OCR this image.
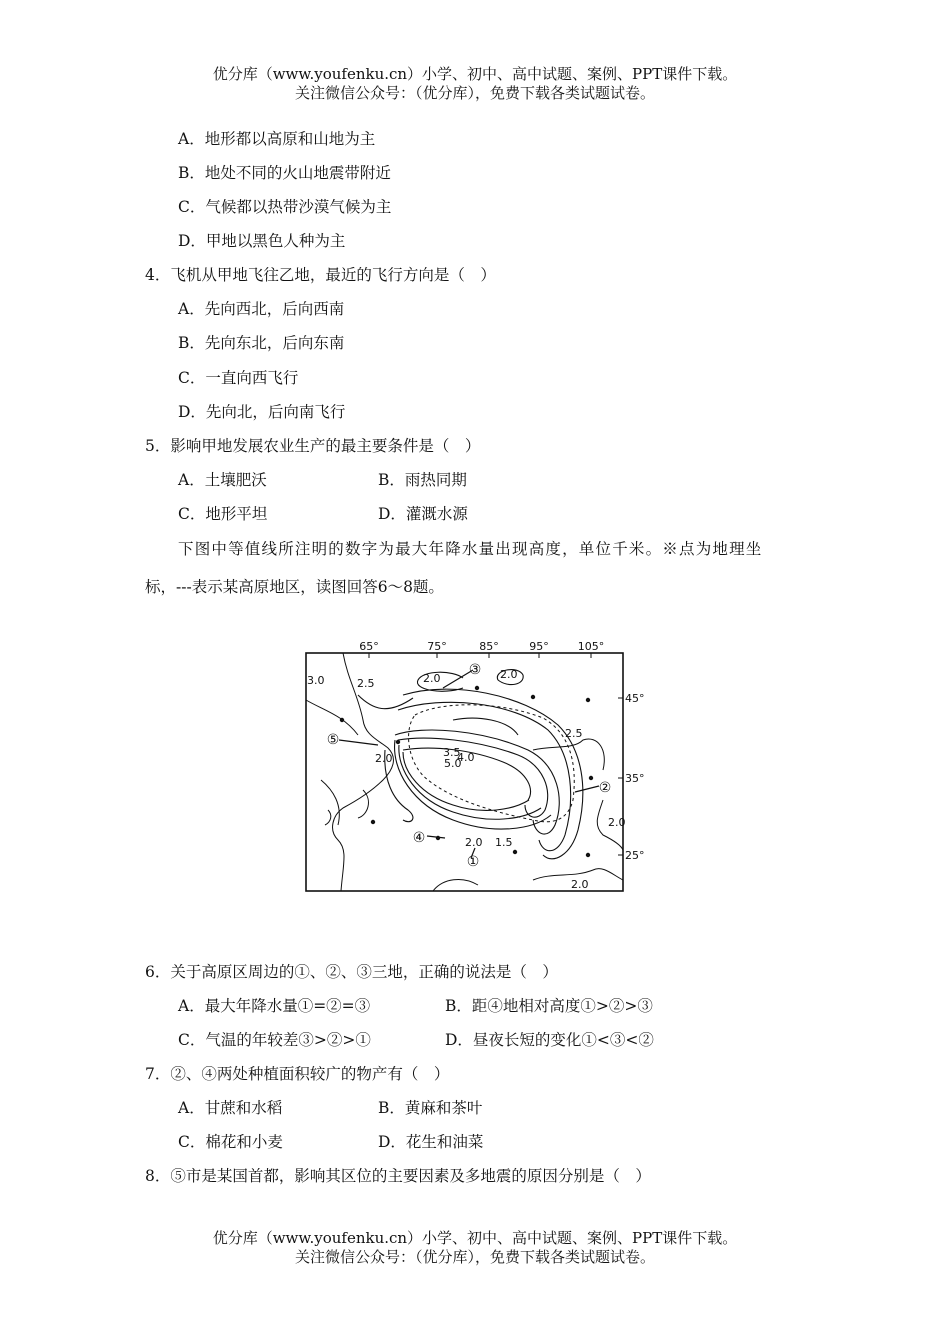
优分库（www.youfenku.cn）小学、初中、高中试题、案例、PPT课件下载。
关注微信公众号：（优分库），免费下载各类试题试卷。
A．地形都以高原和山地为主
B．地处不同的火山地震带附近
C．气候都以热带沙漠气候为主
D．甲地以黑色人种为主
4．飞机从甲地飞往乙地，最近的飞行方向是（　）
A．先向西北，后向西南
B．先向东北，后向东南
C．一直向西飞行
D．先向北，后向南飞行
5．影响甲地发展农业生产的最主要条件是（　）
A．土壤肥沃	B．雨热同期
C．地形平坦	D．灌溉水源
下图中等值线所注明的数字为最大年降水量出现高度，单位千米。※点为地理坐
标，---表示某高原地区，读图回答6～8题。
65°	75°	85°	95°	105°
45°
35°
25°
3.0	2.5	2.0	2.0
2.0
2.5
3.5
4.0
5.0
2.0
2.0 1.5
2.0
③
⑤
②
④
①
6．关于高原区周边的①、②、③三地，正确的说法是（　）
A．最大年降水量①=②=③	B．距④地相对高度①>②>③
C．气温的年较差③>②>①	D．昼夜长短的变化①<③<②
7．②、④两处种植面积较广的物产有（　）
A．甘蔗和水稻	B．黄麻和茶叶
C．棉花和小麦	D．花生和油菜
8．⑤市是某国首都，影响其区位的主要因素及多地震的原因分别是（　）
优分库（www.youfenku.cn）小学、初中、高中试题、案例、PPT课件下载。
关注微信公众号：（优分库），免费下载各类试题试卷。
